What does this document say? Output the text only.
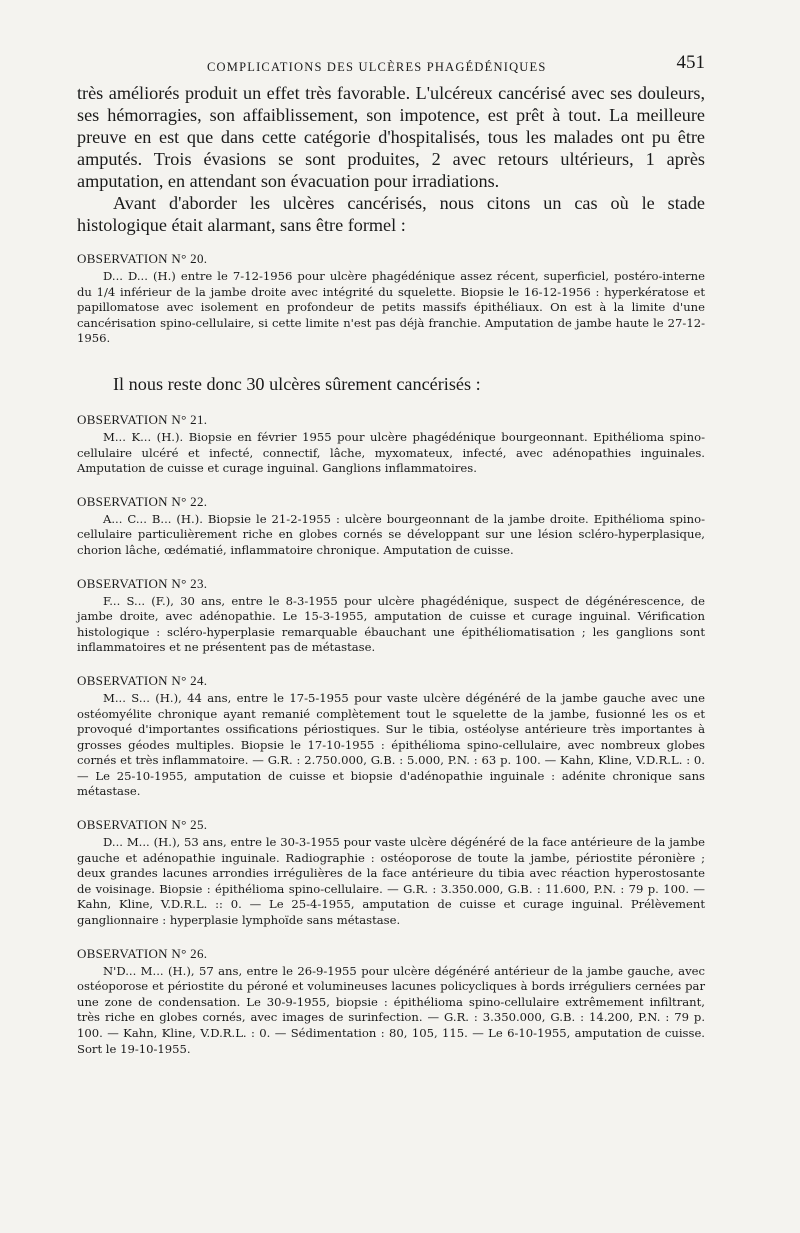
COMPLICATIONS DES ULCÈRES PHAGÉDÉNIQUES	451

très améliorés produit un effet très favorable. L'ulcéreux cancérisé avec ses douleurs, ses hémorragies, son affaiblissement, son impotence, est prêt à tout. La meilleure preuve en est que dans cette catégorie d'hospitalisés, tous les malades ont pu être amputés. Trois évasions se sont produites, 2 avec retours ultérieurs, 1 après amputation, en attendant son évacuation pour irradiations.

Avant d'aborder les ulcères cancérisés, nous citons un cas où le stade histologique était alarmant, sans être formel :

OBSERVATION N° 20.

D... D... (H.) entre le 7-12-1956 pour ulcère phagédénique assez récent, superficiel, postéro-interne du 1/4 inférieur de la jambe droite avec intégrité du squelette. Biopsie le 16-12-1956 : hyperkératose et papillomatose avec isolement en profondeur de petits massifs épithéliaux. On est à la limite d'une cancérisation spino-cellulaire, si cette limite n'est pas déjà franchie. Amputation de jambe haute le 27-12-1956.

Il nous reste donc 30 ulcères sûrement cancérisés :

OBSERVATION N° 21.

M... K... (H.). Biopsie en février 1955 pour ulcère phagédénique bourgeonnant. Epithélioma spino-cellulaire ulcéré et infecté, connectif, lâche, myxomateux, infecté, avec adénopathies inguinales. Amputation de cuisse et curage inguinal. Ganglions inflammatoires.

OBSERVATION N° 22.

A... C... B... (H.). Biopsie le 21-2-1955 : ulcère bourgeonnant de la jambe droite. Epithélioma spino-cellulaire particulièrement riche en globes cornés se développant sur une lésion scléro-hyperplasique, chorion lâche, œdématié, inflammatoire chronique. Amputation de cuisse.

OBSERVATION N° 23.

F... S... (F.), 30 ans, entre le 8-3-1955 pour ulcère phagédénique, suspect de dégénérescence, de jambe droite, avec adénopathie. Le 15-3-1955, amputation de cuisse et curage inguinal. Vérification histologique : scléro-hyperplasie remarquable ébauchant une épithéliomatisation ; les ganglions sont inflammatoires et ne présentent pas de métastase.

OBSERVATION N° 24.

M... S... (H.), 44 ans, entre le 17-5-1955 pour vaste ulcère dégénéré de la jambe gauche avec une ostéomyélite chronique ayant remanié complètement tout le squelette de la jambe, fusionné les os et provoqué d'importantes ossifications périostiques. Sur le tibia, ostéolyse antérieure très importantes à grosses géodes multiples. Biopsie le 17-10-1955 : épithélioma spino-cellulaire, avec nombreux globes cornés et très inflammatoire. — G.R. : 2.750.000, G.B. : 5.000, P.N. : 63 p. 100. — Kahn, Kline, V.D.R.L. : 0. — Le 25-10-1955, amputation de cuisse et biopsie d'adénopathie inguinale : adénite chronique sans métastase.

OBSERVATION N° 25.

D... M... (H.), 53 ans, entre le 30-3-1955 pour vaste ulcère dégénéré de la face antérieure de la jambe gauche et adénopathie inguinale. Radiographie : ostéoporose de toute la jambe, périostite péronière ; deux grandes lacunes arrondies irrégulières de la face antérieure du tibia avec réaction hyperostosante de voisinage. Biopsie : épithélioma spino-cellulaire. — G.R. : 3.350.000, G.B. : 11.600, P.N. : 79 p. 100. — Kahn, Kline, V.D.R.L. :: 0. — Le 25-4-1955, amputation de cuisse et curage inguinal. Prélèvement ganglionnaire : hyperplasie lymphoïde sans métastase.

OBSERVATION N° 26.

N'D... M... (H.), 57 ans, entre le 26-9-1955 pour ulcère dégénéré antérieur de la jambe gauche, avec ostéoporose et périostite du péroné et volumineuses lacunes policycliques à bords irréguliers cernées par une zone de condensation. Le 30-9-1955, biopsie : épithélioma spino-cellulaire extrêmement infiltrant, très riche en globes cornés, avec images de surinfection. — G.R. : 3.350.000, G.B. : 14.200, P.N. : 79 p. 100. — Kahn, Kline, V.D.R.L. : 0. — Sédimentation : 80, 105, 115. — Le 6-10-1955, amputation de cuisse. Sort le 19-10-1955.
